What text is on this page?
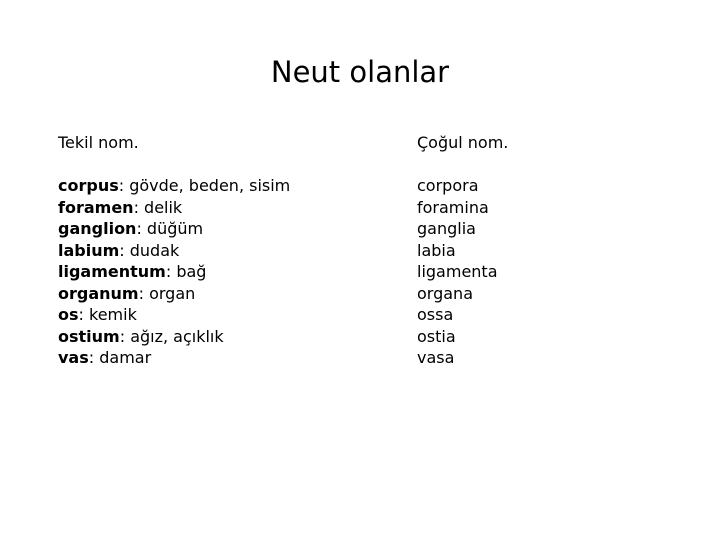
Neut olanlar
Tekil nom.
corpus: gövde, beden, sisim
foramen: delik
ganglion: düğüm
labium: dudak
ligamentum: bağ
organum: organ
os: kemik
ostium: ağız, açıklık
vas: damar
Çoğul nom.
corpora
foramina
ganglia
labia
ligamenta
organa
ossa
ostia
vasa
